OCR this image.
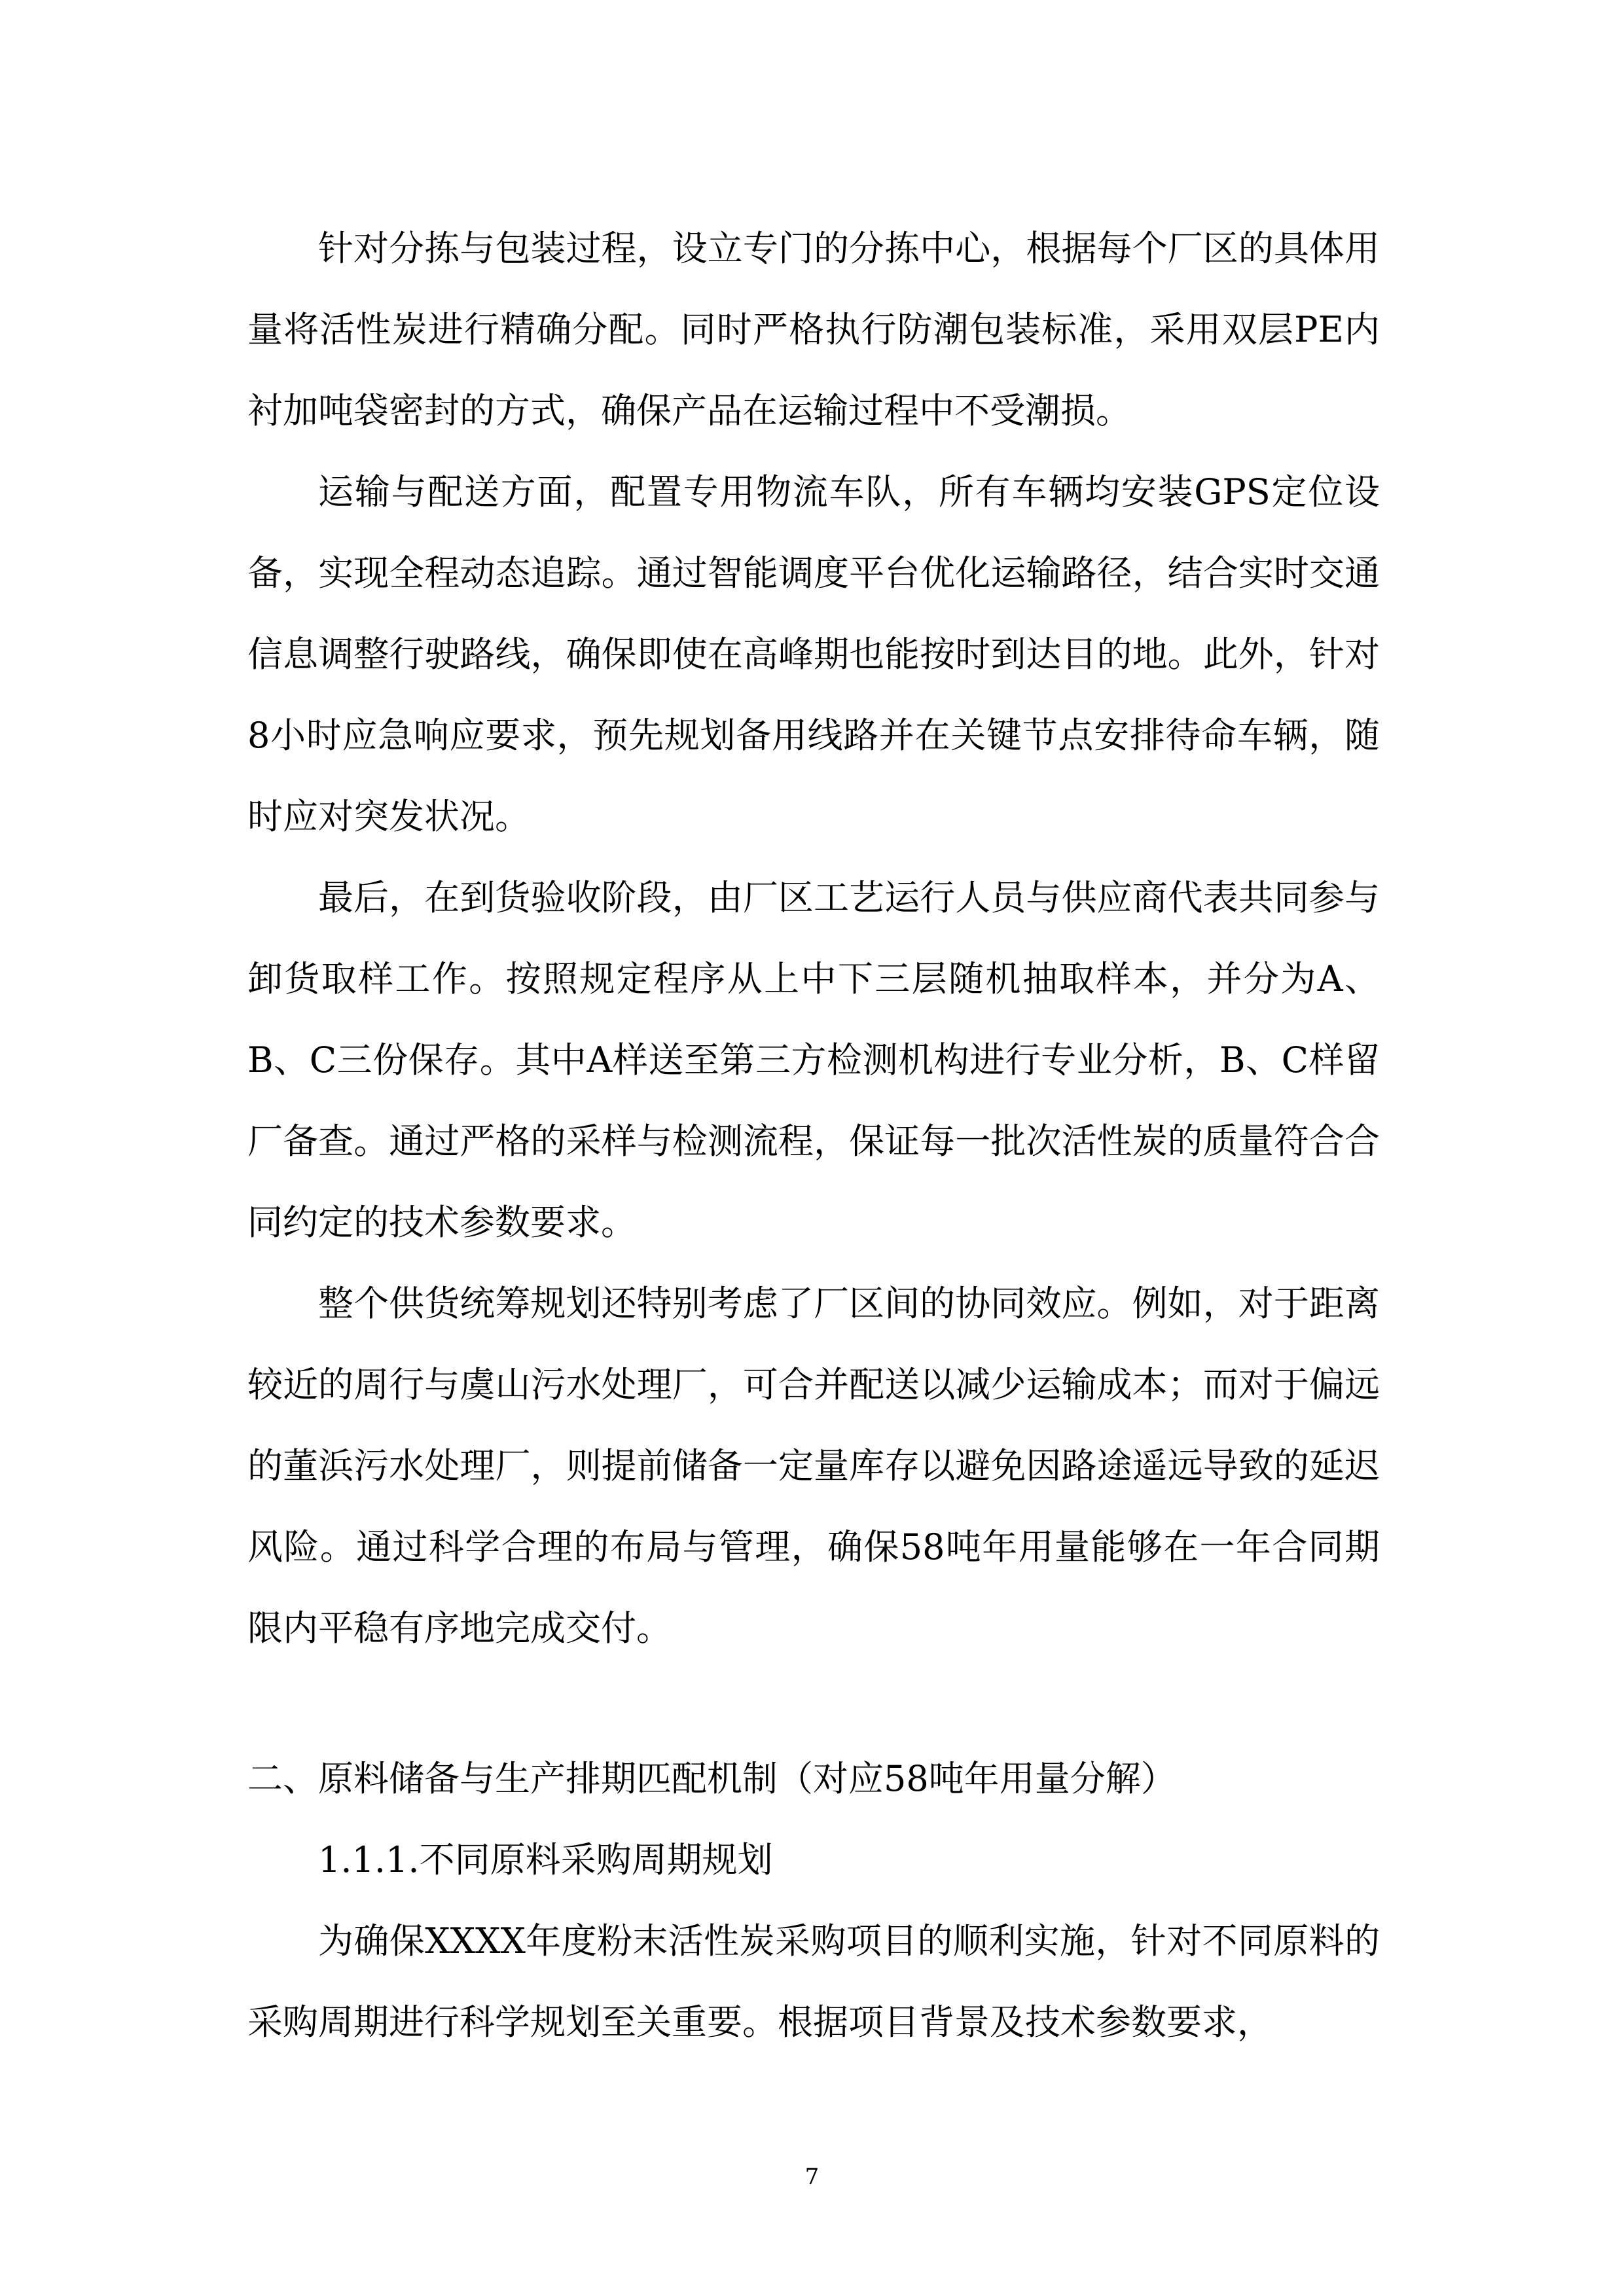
针对分拣与包装过程，设立专门的分拣中心，根据每个厂区的具体用量将活性炭进行精确分配。同时严格执行防潮包装标准，采用双层PE内衬加吨袋密封的方式，确保产品在运输过程中不受潮损。

运输与配送方面，配置专用物流车队，所有车辆均安装GPS定位设备，实现全程动态追踪。通过智能调度平台优化运输路径，结合实时交通信息调整行驶路线，确保即使在高峰期也能按时到达目的地。此外，针对8小时应急响应要求，预先规划备用线路并在关键节点安排待命车辆，随时应对突发状况。

最后，在到货验收阶段，由厂区工艺运行人员与供应商代表共同参与卸货取样工作。按照规定程序从上中下三层随机抽取样本，并分为A、B、C三份保存。其中A样送至第三方检测机构进行专业分析，B、C样留厂备查。通过严格的采样与检测流程，保证每一批次活性炭的质量符合合同约定的技术参数要求。

整个供货统筹规划还特别考虑了厂区间的协同效应。例如，对于距离较近的周行与虞山污水处理厂，可合并配送以减少运输成本；而对于偏远的董浜污水处理厂，则提前储备一定量库存以避免因路途遥远导致的延迟风险。通过科学合理的布局与管理，确保58吨年用量能够在一年合同期限内平稳有序地完成交付。

二、原料储备与生产排期匹配机制（对应58吨年用量分解）

1.1.1.不同原料采购周期规划

为确保XXXX年度粉末活性炭采购项目的顺利实施，针对不同原料的采购周期进行科学规划至关重要。根据项目背景及技术参数要求，

7
